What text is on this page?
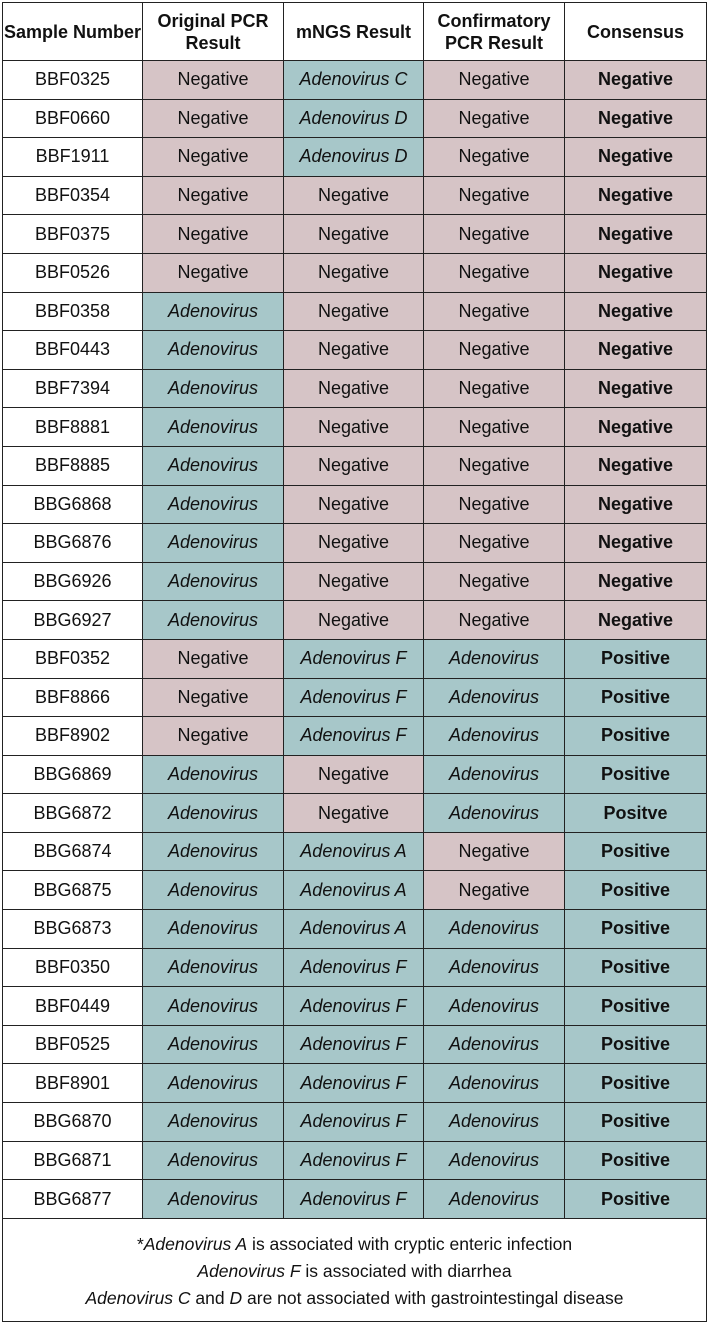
Sample Number	Original PCR Result	mNGS Result	Confirmatory PCR Result	Consensus
BBF0325	Negative	Adenovirus C	Negative	Negative
BBF0660	Negative	Adenovirus D	Negative	Negative
BBF1911	Negative	Adenovirus D	Negative	Negative
BBF0354	Negative	Negative	Negative	Negative
BBF0375	Negative	Negative	Negative	Negative
BBF0526	Negative	Negative	Negative	Negative
BBF0358	Adenovirus	Negative	Negative	Negative
BBF0443	Adenovirus	Negative	Negative	Negative
BBF7394	Adenovirus	Negative	Negative	Negative
BBF8881	Adenovirus	Negative	Negative	Negative
BBF8885	Adenovirus	Negative	Negative	Negative
BBG6868	Adenovirus	Negative	Negative	Negative
BBG6876	Adenovirus	Negative	Negative	Negative
BBG6926	Adenovirus	Negative	Negative	Negative
BBG6927	Adenovirus	Negative	Negative	Negative
BBF0352	Negative	Adenovirus F	Adenovirus	Positive
BBF8866	Negative	Adenovirus F	Adenovirus	Positive
BBF8902	Negative	Adenovirus F	Adenovirus	Positive
BBG6869	Adenovirus	Negative	Adenovirus	Positive
BBG6872	Adenovirus	Negative	Adenovirus	Positve
BBG6874	Adenovirus	Adenovirus A	Negative	Positive
BBG6875	Adenovirus	Adenovirus A	Negative	Positive
BBG6873	Adenovirus	Adenovirus A	Adenovirus	Positive
BBF0350	Adenovirus	Adenovirus F	Adenovirus	Positive
BBF0449	Adenovirus	Adenovirus F	Adenovirus	Positive
BBF0525	Adenovirus	Adenovirus F	Adenovirus	Positive
BBF8901	Adenovirus	Adenovirus F	Adenovirus	Positive
BBG6870	Adenovirus	Adenovirus F	Adenovirus	Positive
BBG6871	Adenovirus	Adenovirus F	Adenovirus	Positive
BBG6877	Adenovirus	Adenovirus F	Adenovirus	Positive

*Adenovirus A is associated with cryptic enteric infection
Adenovirus F is associated with diarrhea
Adenovirus C and D are not associated with gastrointestingal disease				
